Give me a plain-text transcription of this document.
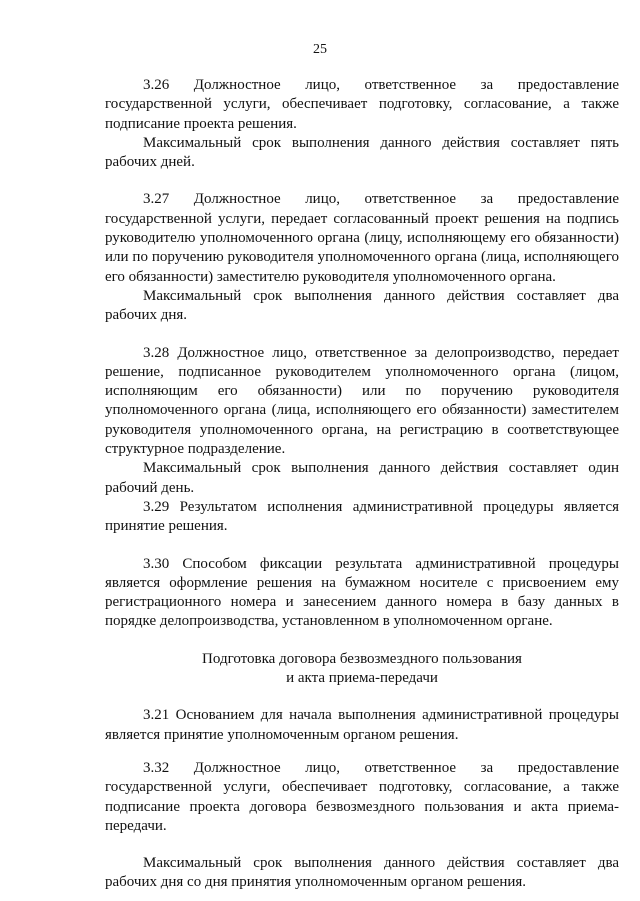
25

3.26 Должностное лицо, ответственное за предоставление государственной услуги, обеспечивает подготовку, согласование, а также подписание проекта решения.

Максимальный срок выполнения данного действия составляет пять рабочих дней.

3.27 Должностное лицо, ответственное за предоставление государственной услуги, передает согласованный проект решения на подпись руководителю уполномоченного органа (лицу, исполняющему его обязанности) или по поручению руководителя уполномоченного органа (лица, исполняющего его обязанности) заместителю руководителя уполномоченного органа.

Максимальный срок выполнения данного действия составляет два рабочих дня.

3.28 Должностное лицо, ответственное за делопроизводство, передает решение, подписанное руководителем уполномоченного органа (лицом, исполняющим его обязанности) или по поручению руководителя уполномоченного органа (лица, исполняющего его обязанности) заместителем руководителя уполномоченного органа, на регистрацию в соответствующее структурное подразделение.

Максимальный срок выполнения данного действия составляет один рабочий день.

3.29 Результатом исполнения административной процедуры является принятие решения.

3.30 Способом фиксации результата административной процедуры является оформление решения на бумажном носителе с присвоением ему регистрационного номера и занесением данного номера в базу данных в порядке делопроизводства, установленном в уполномоченном органе.

Подготовка договора безвозмездного пользования

и акта приема-передачи

3.21 Основанием для начала выполнения административной процедуры является принятие уполномоченным органом решения.

3.32 Должностное лицо, ответственное за предоставление государственной услуги, обеспечивает подготовку, согласование, а также подписание проекта договора безвозмездного пользования и акта приема-передачи.

Максимальный срок выполнения данного действия составляет два рабочих дня со дня принятия уполномоченным органом решения.
